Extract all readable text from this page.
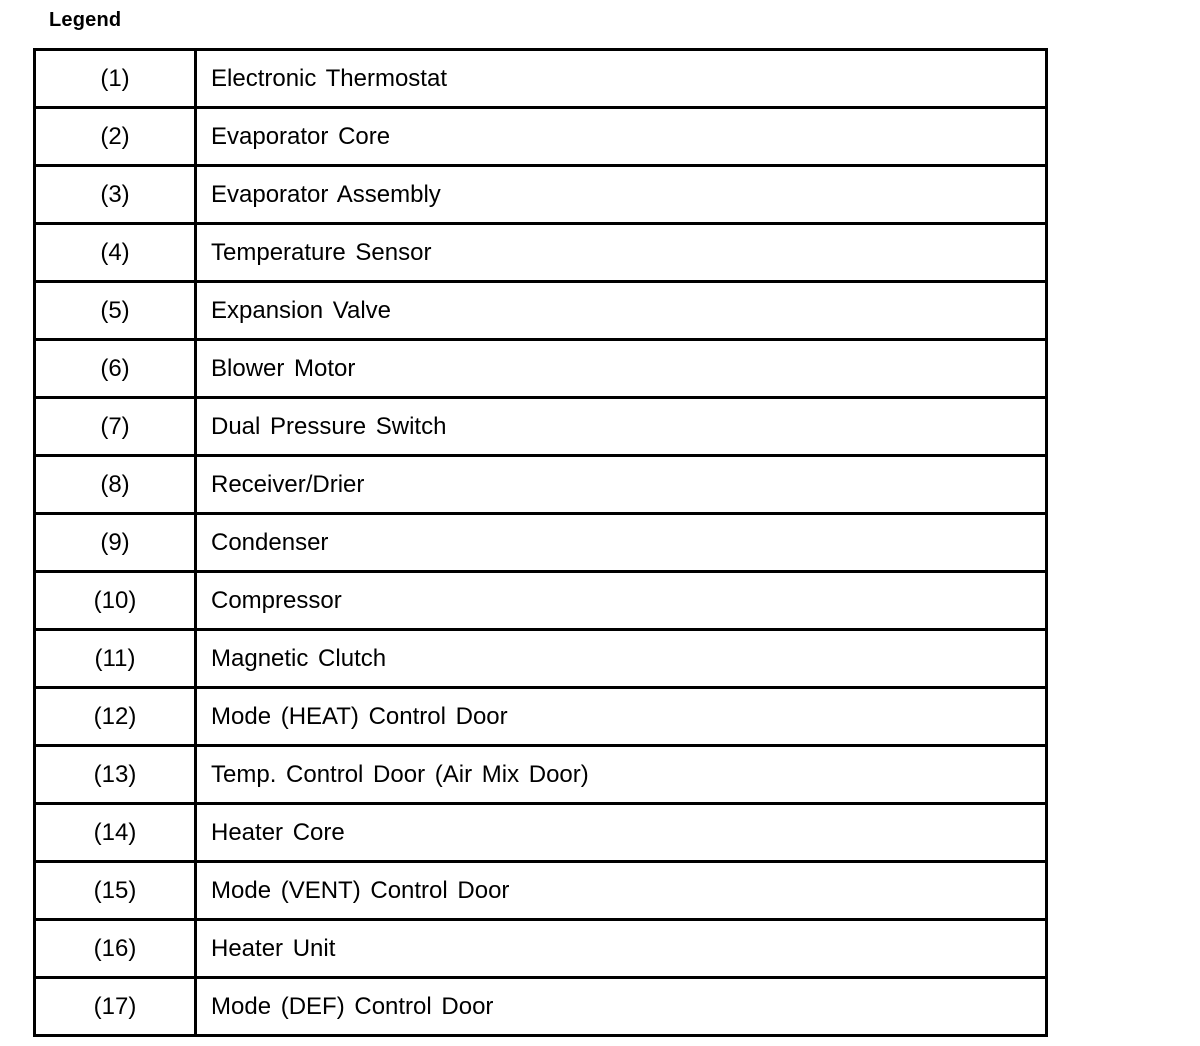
Legend
(1)	Electronic Thermostat
(2)	Evaporator Core
(3)	Evaporator Assembly
(4)	Temperature Sensor
(5)	Expansion Valve
(6)	Blower Motor
(7)	Dual Pressure Switch
(8)	Receiver/Drier
(9)	Condenser
(10)	Compressor
(11)	Magnetic Clutch
(12)	Mode (HEAT) Control Door
(13)	Temp. Control Door (Air Mix Door)
(14)	Heater Core
(15)	Mode (VENT) Control Door
(16)	Heater Unit
(17)	Mode (DEF) Control Door
